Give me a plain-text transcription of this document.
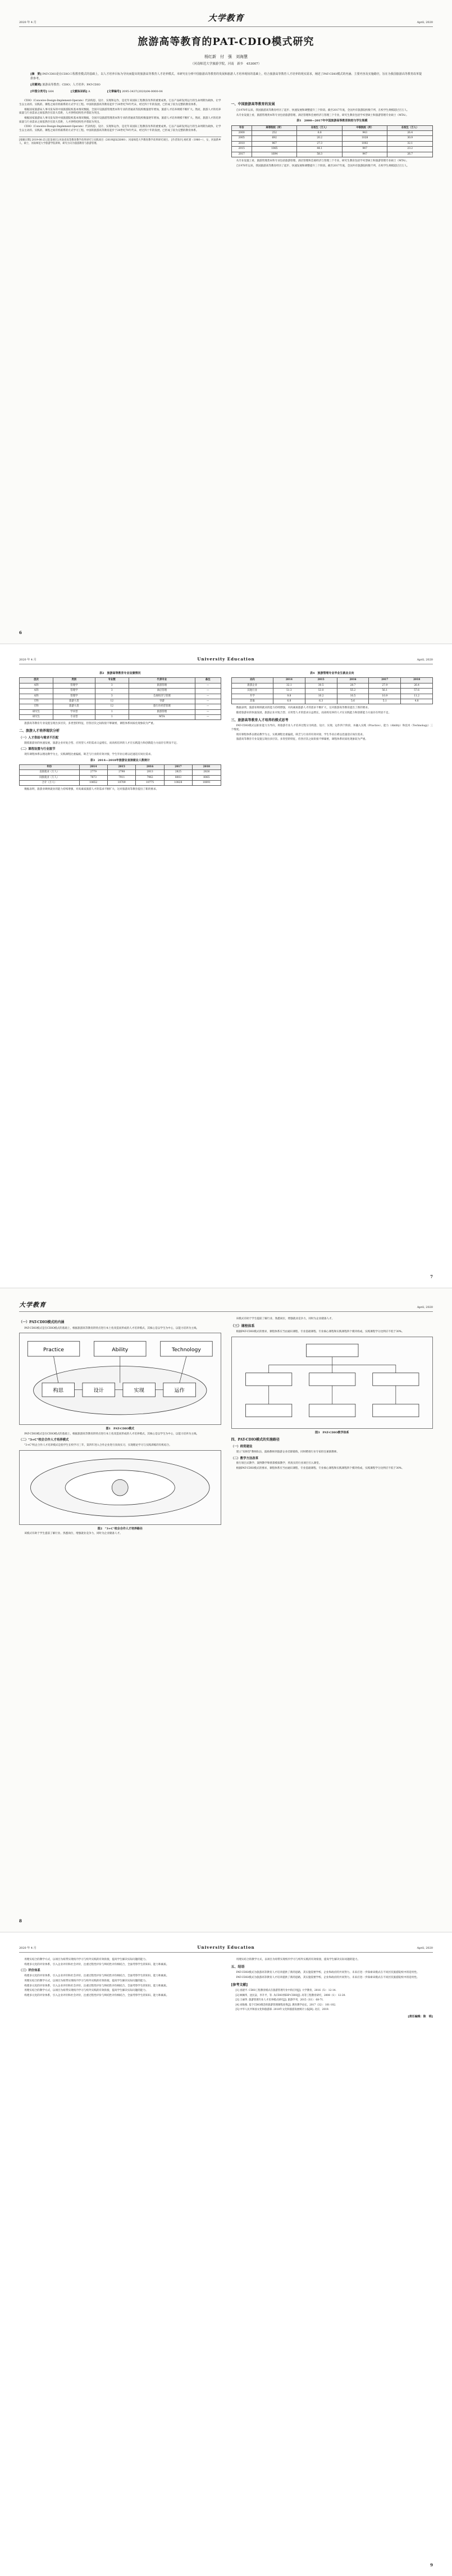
2020 年 4 月	大学教育	April, 2020
旅游高等教育的PAT-CDIO模式研究
杨红新　付　强　刘海慧
（河南师范大学旅游学院，河南　新乡　453007）
[摘　要] PAT-CDIO是在CDIO工程教育模式的基础上，以人才培养目标为导向而提出的旅游高等教育人才培养模式。本研究在分析中国旅游高等教育的发展和旅游人才培养现状的基础上，结合旅游高等教育人才培养的现实需求，阐述了PAT-CDIO模式的内涵、主要内容及实施路径，旨在为我国旅游高等教育改革提供参考。
[关键词] 旅游高等教育；CDIO；人才培养；PAT-CDIO
[中图分类号] G64	[文献标识码] A	[文章编号] 2095-3437(2020)04-0000-04

CDIO（Conceive-Design-Implement-Operate）代表构思、设计、实现和运作，是近年来国际工程教育改革的重要成果。它以产品研发到运行的生命周期为载体，让学生以主动的、实践的、课程之间有机联系的方式学习工程。中国的旅游高等教育起步于20世纪70年代末，经过四十年的发展，已形成了较为完整的教育体系。

根据国家旅游局人事司发布的中国旅游院校基本情况数据，全国开设旅游管理类本科专业的普通高等院校数量逐年增加，旅游人才培养规模不断扩大。然而，旅游人才的培养质量与行业需求之间依然存在较大差距，人才供给结构性矛盾较为突出。

根据国家旅游局人事司发布的中国旅游院校基本情况数据，全国开设旅游管理类本科专业的普通高等院校数量逐年增加，旅游人才培养规模不断扩大。然而，旅游人才的培养质量与行业需求之间依然存在较大差距，人才供给结构性矛盾较为突出。

CDIO（Conceive-Design-Implement-Operate）代表构思、设计、实现和运作，是近年来国际工程教育改革的重要成果。它以产品研发到运行的生命周期为载体，让学生以主动的、实践的、课程之间有机联系的方式学习工程。中国的旅游高等教育起步于20世纪70年代末，经过四十年的发展，已形成了较为完整的教育体系。

[收稿日期] 2019-06-25 [基金项目] 河南省高等教育教学改革研究与实践项目（2019SJGLX000）；河南师范大学教育教学改革研究项目。 [作者简介] 杨红新（1980—），女，河南新乡人，硕士，河南师范大学旅游学院讲师，研究方向为旅游教育与旅游管理。
一、中国旅游高等教育的发展

自1978年以来，我国旅游高等教育经历了起步、快速发展和调整提升三个阶段。截至2017年底，全国共有旅游院校数千所，在校学生规模超过百万人。

从专业设置上看，旅游管理类本科专业包括旅游管理、酒店管理和会展经济与管理三个专业，研究生教育包括学术型硕士和旅游管理专业硕士（MTA）。

表1　2000—2017年中国旅游高等教育院校与学生规模
年份	高等院校（所）	在校生（万人）	中职院校（所）	在校生（万人）
2000	252	6.8	943	26.4
2005	692	20.2	1028	30.9
2010	967	27.3	1002	32.1
2015	1065	44.1	947	23.2
2017	1694	58.3	947	26.7

从专业设置上看，旅游管理类本科专业包括旅游管理、酒店管理和会展经济与管理三个专业，研究生教育包括学术型硕士和旅游管理专业硕士（MTA）。

自1978年以来，我国旅游高等教育经历了起步、快速发展和调整提升三个阶段。截至2017年底，全国共有旅游院校数千所，在校学生规模超过百万人。

6
2020 年 4 月	University Education	April, 2020
表2　旅游高等教育专业设置情况
层次	类别	专业数	代表专业	备注
本科	管理学	3	旅游管理	—
本科	管理学	3	酒店管理	—
本科	管理学	3	会展经济与管理	—
专科	旅游大类	12	导游	—
专科	旅游大类	12	旅行社经营管理	—
研究生	学术型	1	旅游管理	—
研究生	专业型	1	MTA	—

旅游高等教育专业设置呈现出多层次、多类型的特征，但各层次之间衔接不够紧密，课程体系同质化现象较为严重。

二、旅游人才培养现状分析
（一）人才供给与需求不匹配

随着旅游业的快速发展，旅游企业对复合型、应用型人才的需求日益增长，而高校培养的人才在实践能力和创新能力方面存在明显不足。

（二）课程设置与行业脱节

现有课程体系以理论教学为主，实践课程比重偏低，缺乏与行业的有效对接，学生毕业后难以迅速适应岗位需求。

表3　2014—2018年旅游业直接就业人数统计
年份	2014	2015	2016	2017	2018
直接就业（万人）	2779	2798	2813	2825	2826
间接就业（万人）	7873	7911	7962	8003	8065
合计（万人）	10652	10709	10775	10828	10891

数据表明，旅游业吸纳就业的能力持续增强，对高素质旅游人才的需求不断扩大，这对旅游高等教育提出了新的要求。

表4　旅游管理专业毕业生就业去向
去向	2014	2015	2016	2017	2018
旅游企业	32.1	30.5	28.7	27.9	26.4
其他行业	51.3	53.0	55.2	56.1	57.6
升学	9.8	10.2	10.5	10.9	11.2
其他	6.8	6.3	5.6	5.1	4.8

数据表明，旅游业吸纳就业的能力持续增强，对高素质旅游人才的需求不断扩大，这对旅游高等教育提出了新的要求。

随着旅游业的快速发展，旅游企业对复合型、应用型人才的需求日益增长，而高校培养的人才在实践能力和创新能力方面存在明显不足。

三、旅游高等教育人才培养的模式思考

PAT-CDIO模式以职业能力为导向，将旅游专业人才培养过程分为构思、设计、实现、运作四个阶段，并融入实践（Practice）、能力（Ability）和技术（Technology）三个维度。

现有课程体系以理论教学为主，实践课程比重偏低，缺乏与行业的有效对接，学生毕业后难以迅速适应岗位需求。

旅游高等教育专业设置呈现出多层次、多类型的特征，但各层次之间衔接不够紧密，课程体系同质化现象较为严重。

7
大学教育	April, 2020
（一）PAT-CDIO模式的内涵

PAT-CDIO模式是在CDIO模式的基础上，根据旅游高等教育的特点进行本土化改造而形成的人才培养模式，其核心是以学生为中心，以能力培养为主线。

Practice	Ability	Technology
构思	设计	实现	运作
图1　PAT-CDIO模式

PAT-CDIO模式是在CDIO模式的基础上，根据旅游高等教育的特点进行本土化改造而形成的人才培养模式，其核心是以学生为中心，以能力培养为主线。

（二）"3+C"校企合作人才培养模式

"3+C"校企合作人才培养模式是指学生在校学习三年，第四年进入合作企业进行顶岗实习，实现理论学习与实践训练的有机结合。

图2　"3+C"校企合作人才培养路径

该模式有助于学生提前了解行业、熟悉岗位，增强就业竞争力，同时为企业储备人才。

该模式有助于学生提前了解行业、熟悉岗位，增强就业竞争力，同时为企业储备人才。

（三）课程体系

根据PAT-CDIO模式的要求，课程体系应当由通识课程、专业基础课程、专业核心课程和实践课程四个模块构成，实践课程学分比例应不低于30%。

图3　PAT-CDIO教学体系
四、PAT-CDIO模式的实施路径
（一）师资建设

建立"双师型"教师队伍，鼓励教师到旅游企业挂职锻炼，同时聘请行业专家担任兼职教师。

（二）教学方法改革

推行项目式教学、案例教学和情景模拟教学，将真实的行业项目引入课堂。

根据PAT-CDIO模式的要求，课程体系应当由通识课程、专业基础课程、专业核心课程和实践课程四个模块构成，实践课程学分比例应不低于30%。

8
2020 年 4 月	University Education	April, 2020

用理实结合的教学方式，以项目为纽带实现校内学习与校外实践的有效衔接，提高学生解决实际问题的能力。

构建多元化的评价体系，引入企业评价和社会评价，注重过程性评价与终结性评价相结合，全面考察学生的知识、能力和素质。

（三）评价体系

构建多元化的评价体系，引入企业评价和社会评价，注重过程性评价与终结性评价相结合，全面考察学生的知识、能力和素质。

用理实结合的教学方式，以项目为纽带实现校内学习与校外实践的有效衔接，提高学生解决实际问题的能力。

构建多元化的评价体系，引入企业评价和社会评价，注重过程性评价与终结性评价相结合，全面考察学生的知识、能力和素质。

用理实结合的教学方式，以项目为纽带实现校内学习与校外实践的有效衔接，提高学生解决实际问题的能力。

构建多元化的评价体系，引入企业评价和社会评价，注重过程性评价与终结性评价相结合，全面考察学生的知识、能力和素质。

用理实结合的教学方式，以项目为纽带实现校内学习与校外实践的有效衔接，提高学生解决实际问题的能力。

五、结语

PAT-CDIO模式为旅游高等教育人才培养提供了新的思路，其实施需要学校、企业和政府的共同努力。未来应进一步探索该模式在不同层次旅游院校中的适用性。

PAT-CDIO模式为旅游高等教育人才培养提供了新的思路，其实施需要学校、企业和政府的共同努力。未来应进一步探索该模式在不同层次旅游院校中的适用性。

[参考文献]

[1] 查建平. CDIO工程教育模式在旅游管理专业中的应用[J]. 大学教育，2016（5）：12-14.

[2] 顾佩华，沈民奋，李升平，等. 从CDIO到EIP-CDIO[J]. 高等工程教育研究，2008（1）：12-20.

[3] 王丽华. 旅游管理专业人才培养模式研究[J]. 旅游学刊，2015（S1）：68-71.

[4] 刘海燕. 基于CDIO理念的旅游管理课程改革[J]. 教育教学论坛，2017（32）：101-102.

[5] 中华人民共和国文化和旅游部. 2018年文化和旅游发展统计公报[R]. 北京，2019.

[责任编辑：陈　明]
9
